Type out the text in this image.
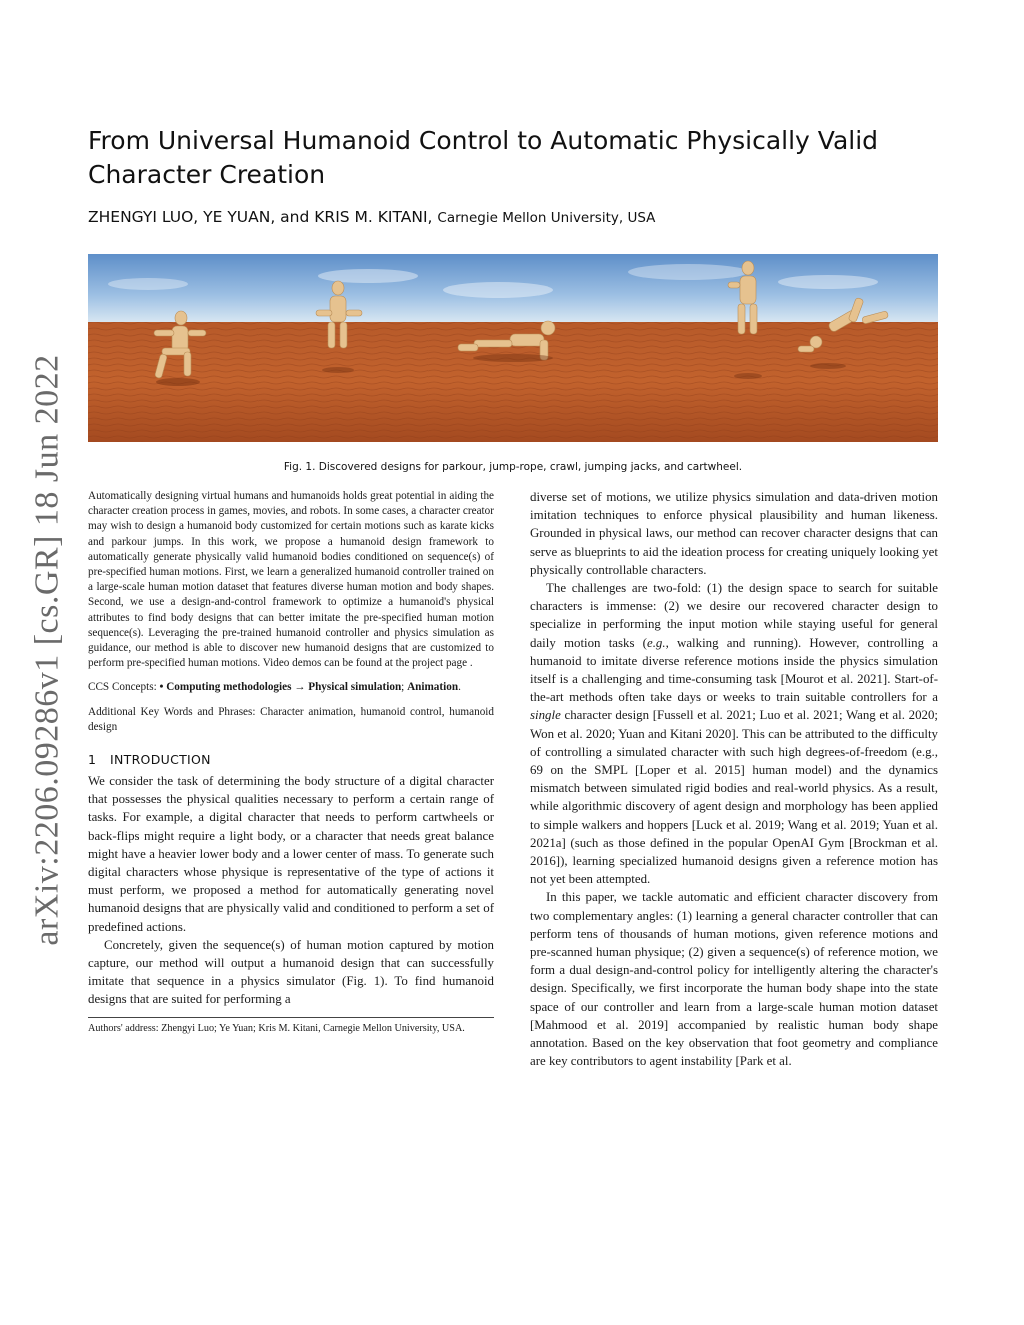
arXiv:2206.09286v1 [cs.GR] 18 Jun 2022
From Universal Humanoid Control to Automatic Physically Valid Character Creation
ZHENGYI LUO, YE YUAN, and KRIS M. KITANI, Carnegie Mellon University, USA
Fig. 1. Discovered designs for parkour, jump-rope, crawl, jumping jacks, and cartwheel.

Automatically designing virtual humans and humanoids holds great potential in aiding the character creation process in games, movies, and robots. In some cases, a character creator may wish to design a humanoid body customized for certain motions such as karate kicks and parkour jumps. In this work, we propose a humanoid design framework to automatically generate physically valid humanoid bodies conditioned on sequence(s) of pre-specified human motions. First, we learn a generalized humanoid controller trained on a large-scale human motion dataset that features diverse human motion and body shapes. Second, we use a design-and-control framework to optimize a humanoid's physical attributes to find body designs that can better imitate the pre-specified human motion sequence(s). Leveraging the pre-trained humanoid controller and physics simulation as guidance, our method is able to discover new humanoid designs that are customized to perform pre-specified human motions. Video demos can be found at the project page .

CCS Concepts: • Computing methodologies → Physical simulation; Animation.

Additional Key Words and Phrases: Character animation, humanoid control, humanoid design

1 INTRODUCTION

We consider the task of determining the body structure of a digital character that possesses the physical qualities necessary to perform a certain range of tasks. For example, a digital character that needs to perform cartwheels or back-flips might require a light body, or a character that needs great balance might have a heavier lower body and a lower center of mass. To generate such digital characters whose physique is representative of the type of actions it must perform, we proposed a method for automatically generating novel humanoid designs that are physically valid and conditioned to perform a set of predefined actions.

Concretely, given the sequence(s) of human motion captured by motion capture, our method will output a humanoid design that can successfully imitate that sequence in a physics simulator (Fig. 1). To find humanoid designs that are suited for performing a

Authors' address: Zhengyi Luo; Ye Yuan; Kris M. Kitani, Carnegie Mellon University, USA.

diverse set of motions, we utilize physics simulation and data-driven motion imitation techniques to enforce physical plausibility and human likeness. Grounded in physical laws, our method can recover character designs that can serve as blueprints to aid the ideation process for creating uniquely looking yet physically controllable characters.

The challenges are two-fold: (1) the design space to search for suitable characters is immense: (2) we desire our recovered character design to specialize in performing the input motion while staying useful for general daily motion tasks (e.g., walking and running). However, controlling a humanoid to imitate diverse reference motions inside the physics simulation itself is a challenging and time-consuming task [Mourot et al. 2021]. Start-of-the-art methods often take days or weeks to train suitable controllers for a single character design [Fussell et al. 2021; Luo et al. 2021; Wang et al. 2020; Won et al. 2020; Yuan and Kitani 2020]. This can be attributed to the difficulty of controlling a simulated character with such high degrees-of-freedom (e.g., 69 on the SMPL [Loper et al. 2015] human model) and the dynamics mismatch between simulated rigid bodies and real-world physics. As a result, while algorithmic discovery of agent design and morphology has been applied to simple walkers and hoppers [Luck et al. 2019; Wang et al. 2019; Yuan et al. 2021a] (such as those defined in the popular OpenAI Gym [Brockman et al. 2016]), learning specialized humanoid designs given a reference motion has not yet been attempted.

In this paper, we tackle automatic and efficient character discovery from two complementary angles: (1) learning a general character controller that can perform tens of thousands of human motions, given reference motions and pre-scanned human physique; (2) given a sequence(s) of reference motion, we form a dual design-and-control policy for intelligently altering the character's design. Specifically, we first incorporate the human body shape into the state space of our controller and learn from a large-scale human motion dataset [Mahmood et al. 2019] accompanied by realistic human body shape annotation. Based on the key observation that foot geometry and compliance are key contributors to agent instability [Park et al.
